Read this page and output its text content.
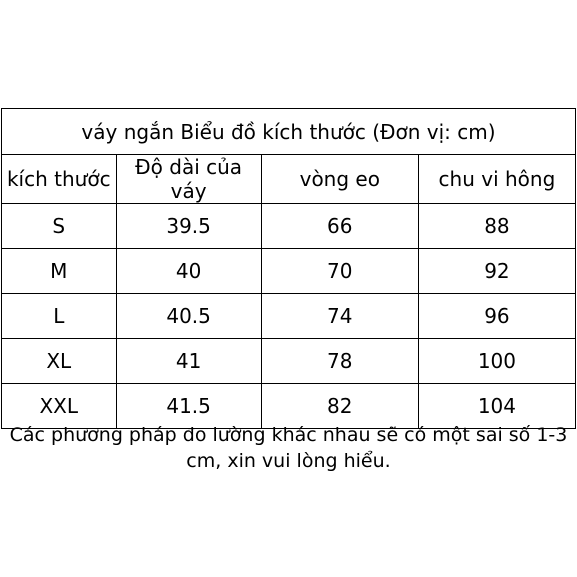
váy ngắn Biểu đồ kích thước (Đơn vị: cm)
kích thước	Độ dài của váy	vòng eo	chu vi hông
S	39.5	66	88
M	40	70	92
L	40.5	74	96
XL	41	78	100
XXL	41.5	82	104
Các phương pháp đo lường khác nhau sẽ có một sai số 1-3 cm, xin vui lòng hiểu.
